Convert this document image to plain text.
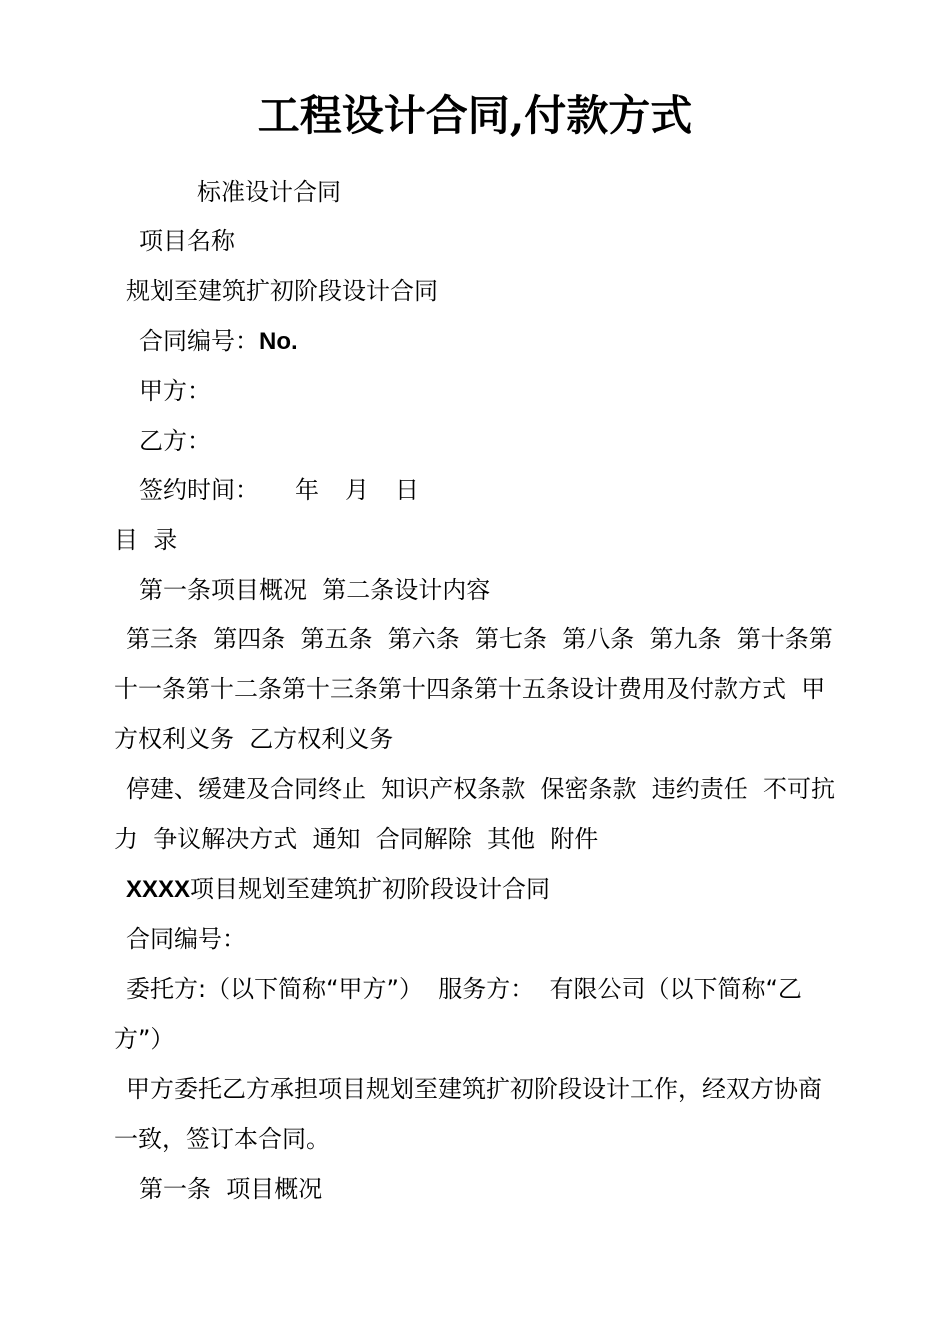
工程设计合同,付款方式
标准设计合同
项目名称
规划至建筑扩初阶段设计合同
合同编号：No.
甲方：
乙方：
签约时间： 年 月 日
目  录
第一条项目概况  第二条设计内容
第三条  第四条  第五条  第六条  第七条  第八条  第九条  第十条第十一条第十二条第十三条第十四条第十五条设计费用及付款方式  甲方权利义务  乙方权利义务
停建、缓建及合同终止  知识产权条款  保密条款  违约责任  不可抗力  争议解决方式  通知  合同解除  其他  附件
XXXX项目规划至建筑扩初阶段设计合同
合同编号：
委托方:（以下简称“甲方”）  服务方：  有限公司（以下简称“乙方”）
甲方委托乙方承担项目规划至建筑扩初阶段设计工作，经双方协商一致，签订本合同。
第一条  项目概况
